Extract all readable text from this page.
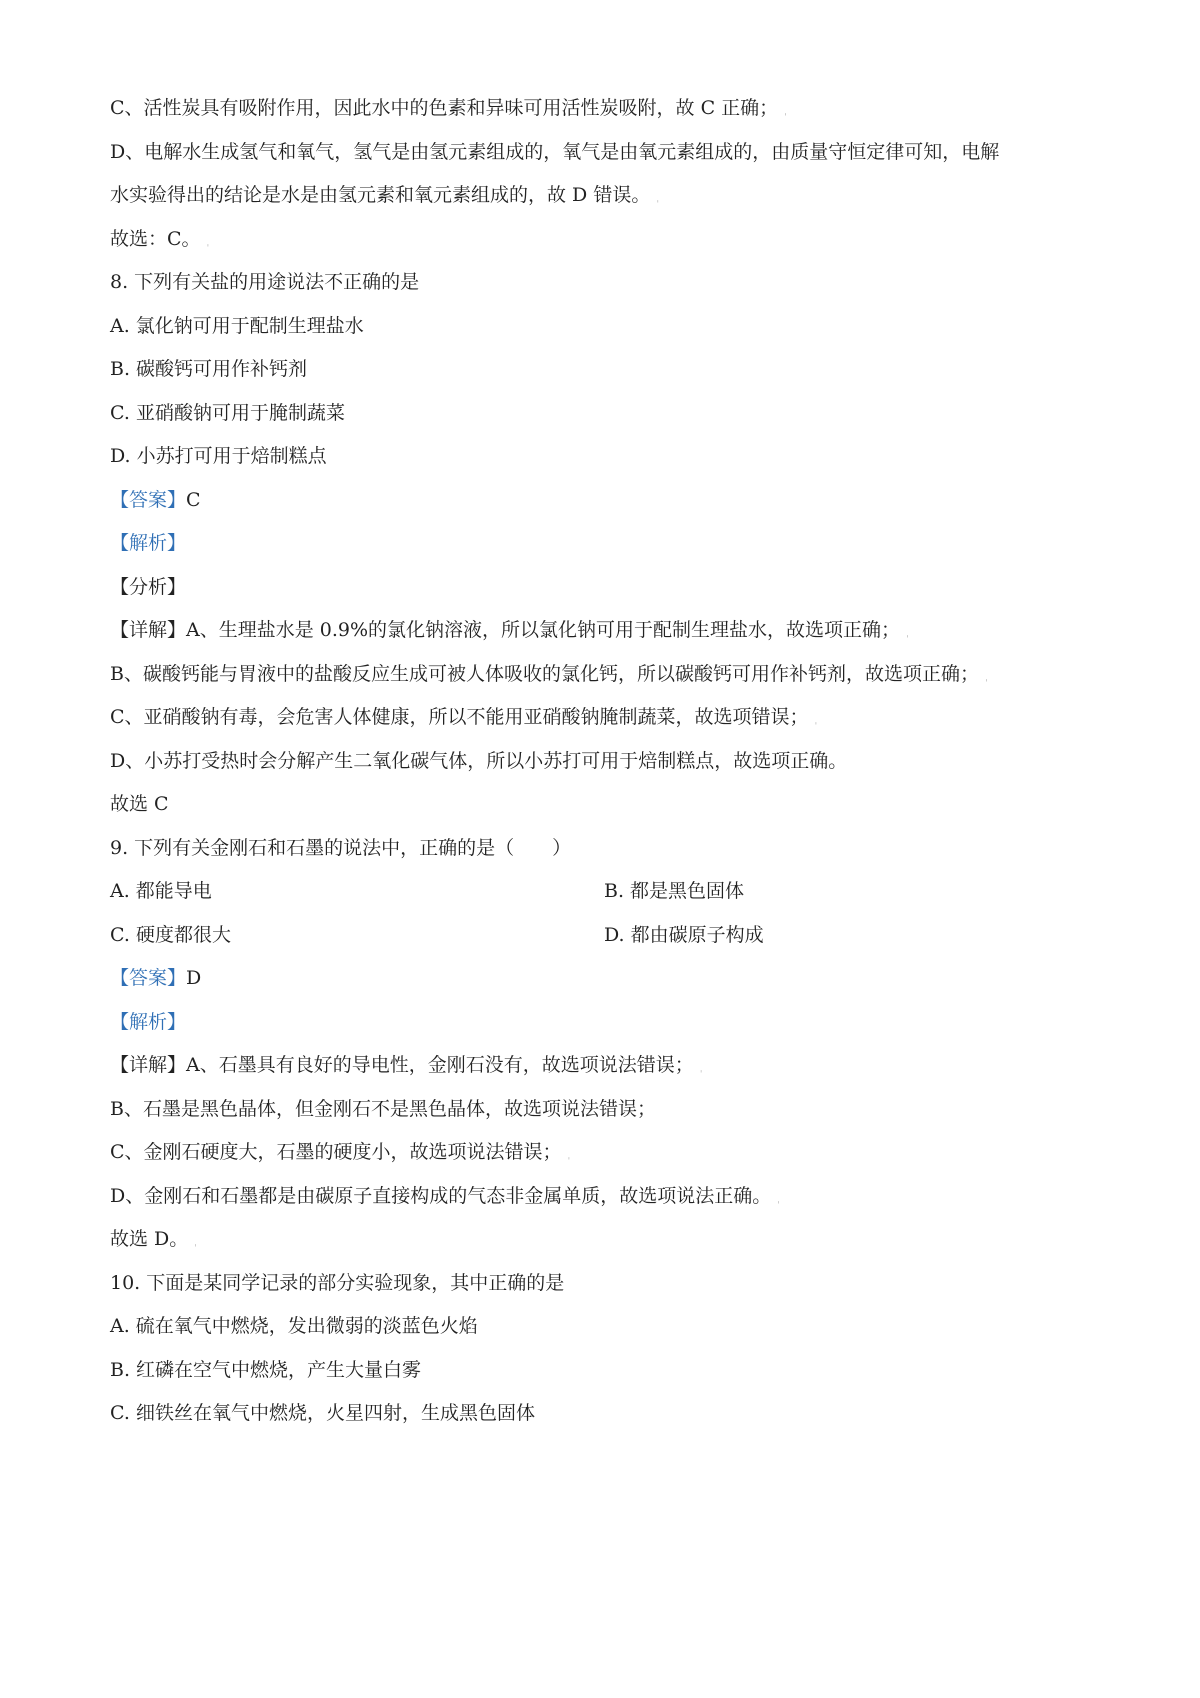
C、活性炭具有吸附作用，因此水中的色素和异味可用活性炭吸附，故 C 正确； ˌ
D、电解水生成氢气和氧气，氢气是由氢元素组成的，氧气是由氧元素组成的，由质量守恒定律可知，电解
水实验得出的结论是水是由氢元素和氧元素组成的，故 D 错误。 ˌ
故选：C。 ˌ
8. 下列有关盐的用途说法不正确的是
A. 氯化钠可用于配制生理盐水
B. 碳酸钙可用作补钙剂
C. 亚硝酸钠可用于腌制蔬菜
D. 小苏打可用于焙制糕点
【答案】C
【解析】
【分析】
【详解】A、生理盐水是 0.9%的氯化钠溶液，所以氯化钠可用于配制生理盐水，故选项正确； ˌ
B、碳酸钙能与胃液中的盐酸反应生成可被人体吸收的氯化钙，所以碳酸钙可用作补钙剂，故选项正确； ˌ
C、亚硝酸钠有毒，会危害人体健康，所以不能用亚硝酸钠腌制蔬菜，故选项错误； ˌ
D、小苏打受热时会分解产生二氧化碳气体，所以小苏打可用于焙制糕点，故选项正确。
故选 C
9. 下列有关金刚石和石墨的说法中，正确的是（　　）
A. 都能导电	B. 都是黑色固体
C. 硬度都很大	D. 都由碳原子构成
【答案】D
【解析】
【详解】A、石墨具有良好的导电性，金刚石没有，故选项说法错误； ˌ
B、石墨是黑色晶体，但金刚石不是黑色晶体，故选项说法错误；
C、金刚石硬度大，石墨的硬度小，故选项说法错误； ˌ
D、金刚石和石墨都是由碳原子直接构成的气态非金属单质，故选项说法正确。 ˌ
故选 D。 ˌ
10. 下面是某同学记录的部分实验现象，其中正确的是
A. 硫在氧气中燃烧，发出微弱的淡蓝色火焰
B. 红磷在空气中燃烧，产生大量白雾
C. 细铁丝在氧气中燃烧，火星四射，生成黑色固体
